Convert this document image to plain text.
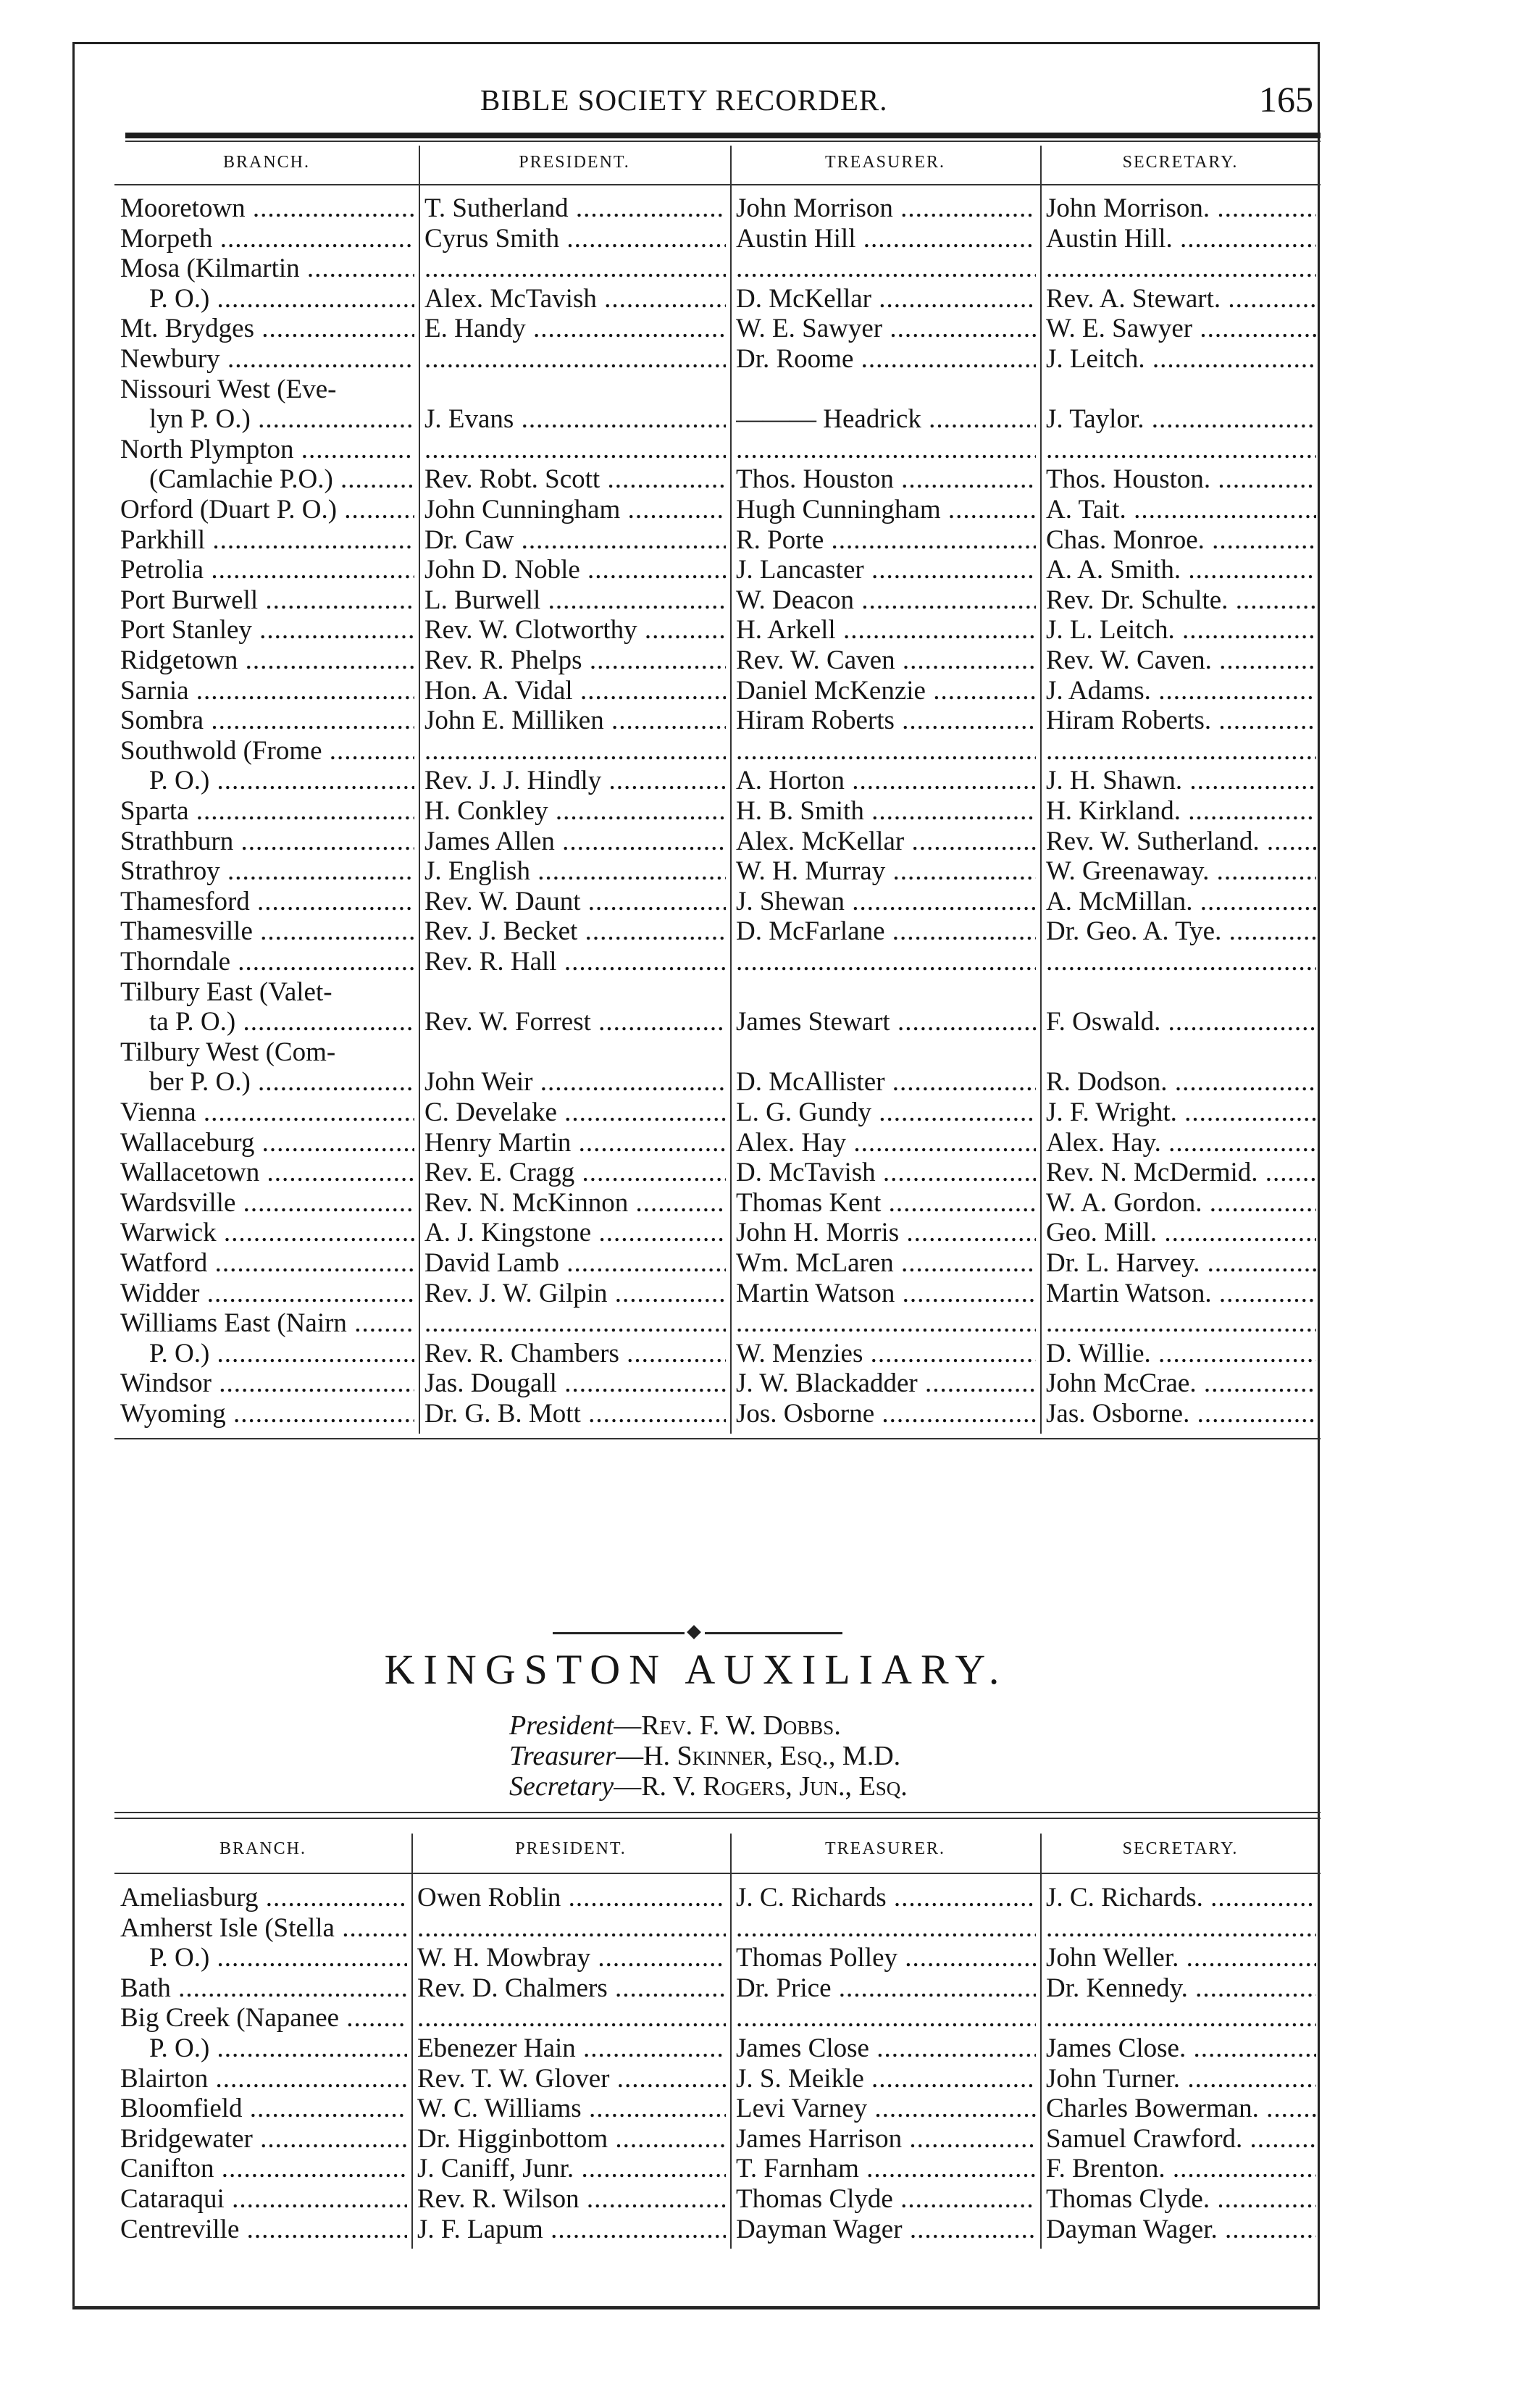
BIBLE SOCIETY RECORDER.	165
BRANCH.	PRESIDENT.	TREASURER.	SECRETARY.
Mooretown .....	T. Sutherland .....	John Morrison .....	John Morrison. .....
Morpeth .....	Cyrus Smith .....	Austin Hill .....	Austin Hill. .....
Mosa (Kilmartin .....
.....
.....
.....
P. O.) .....	Alex. McTavish .....	D. McKellar .....	Rev. A. Stewart. .....
Mt. Brydges .....	E. Handy .....	W. E. Sawyer .....	W. E. Sawyer .....
Newbury .....
.....	Dr. Roome .....	J. Leitch. .....
Nissouri West (Eve-
lyn P. O.) .....	J. Evans .....	——— Headrick .....	J. Taylor. .....
North Plympton .....
.....
.....
.....
(Camlachie P.O.) .....	Rev. Robt. Scott .....	Thos. Houston .....	Thos. Houston. .....
Orford (Duart P. O.) .....	John Cunningham .....	Hugh Cunningham .....	A. Tait. .....
Parkhill .....	Dr. Caw .....	R. Porte .....	Chas. Monroe. .....
Petrolia .....	John D. Noble .....	J. Lancaster .....	A. A. Smith. .....
Port Burwell .....	L. Burwell .....	W. Deacon .....	Rev. Dr. Schulte. .....
Port Stanley .....	Rev. W. Clotworthy .....	H. Arkell .....	J. L. Leitch. .....
Ridgetown .....	Rev. R. Phelps .....	Rev. W. Caven .....	Rev. W. Caven. .....
Sarnia .....	Hon. A. Vidal .....	Daniel McKenzie .....	J. Adams. .....
Sombra .....	John E. Milliken .....	Hiram Roberts .....	Hiram Roberts. .....
Southwold (Frome .....
.....
.....
.....
P. O.) .....	Rev. J. J. Hindly .....	A. Horton .....	J. H. Shawn. .....
Sparta .....	H. Conkley .....	H. B. Smith .....	H. Kirkland. .....
Strathburn .....	James Allen .....	Alex. McKellar .....	Rev. W. Sutherland. .....
Strathroy .....	J. English .....	W. H. Murray .....	W. Greenaway. .....
Thamesford .....	Rev. W. Daunt .....	J. Shewan .....	A. McMillan. .....
Thamesville .....	Rev. J. Becket .....	D. McFarlane .....	Dr. Geo. A. Tye. .....
Thorndale .....	Rev. R. Hall .....
.....
.....
Tilbury East (Valet-
ta P. O.) .....	Rev. W. Forrest .....	James Stewart .....	F. Oswald. .....
Tilbury West (Com-
ber P. O.) .....	John Weir .....	D. McAllister .....	R. Dodson. .....
Vienna .....	C. Develake .....	L. G. Gundy .....	J. F. Wright. .....
Wallaceburg .....	Henry Martin .....	Alex. Hay .....	Alex. Hay. .....
Wallacetown .....	Rev. E. Cragg .....	D. McTavish .....	Rev. N. McDermid. .....
Wardsville .....	Rev. N. McKinnon .....	Thomas Kent .....	W. A. Gordon. .....
Warwick .....	A. J. Kingstone .....	John H. Morris .....	Geo. Mill. .....
Watford .....	David Lamb .....	Wm. McLaren .....	Dr. L. Harvey. .....
Widder .....	Rev. J. W. Gilpin .....	Martin Watson .....	Martin Watson. .....
Williams East (Nairn .....
.....
.....
.....
P. O.) .....	Rev. R. Chambers .....	W. Menzies .....	D. Willie. .....
Windsor .....	Jas. Dougall .....	J. W. Blackadder .....	John McCrae. .....
Wyoming .....	Dr. G. B. Mott .....	Jos. Osborne .....	Jas. Osborne. .....
KINGSTON AUXILIARY.
President—Rev. F. W. Dobbs.
Treasurer—H. Skinner, Esq., M.D.
Secretary—R. V. Rogers, Jun., Esq.
BRANCH.	PRESIDENT.	TREASURER.	SECRETARY.
Ameliasburg .....	Owen Roblin .....	J. C. Richards .....	J. C. Richards. .....
Amherst Isle (Stella .....
.....
.....
.....
P. O.) .....	W. H. Mowbray .....	Thomas Polley .....	John Weller. .....
Bath .....	Rev. D. Chalmers .....	Dr. Price .....	Dr. Kennedy. .....
Big Creek (Napanee .....
.....
.....
.....
P. O.) .....	Ebenezer Hain .....	James Close .....	James Close. .....
Blairton .....	Rev. T. W. Glover .....	J. S. Meikle .....	John Turner. .....
Bloomfield .....	W. C. Williams .....	Levi Varney .....	Charles Bowerman. .....
Bridgewater .....	Dr. Higginbottom .....	James Harrison .....	Samuel Crawford. .....
Canifton .....	J. Caniff, Junr. .....	T. Farnham .....	F. Brenton. .....
Cataraqui .....	Rev. R. Wilson .....	Thomas Clyde .....	Thomas Clyde. .....
Centreville .....	J. F. Lapum .....	Dayman Wager .....	Dayman Wager. .....
